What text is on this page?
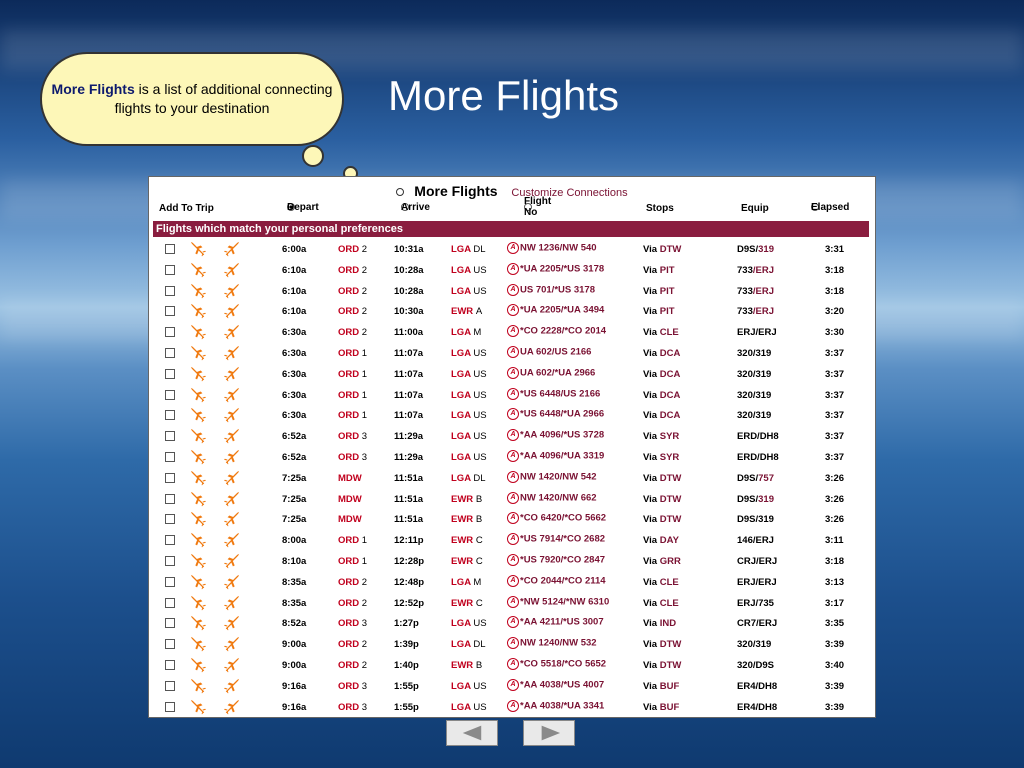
More Flights is a list of additional connecting flights to your destination	More Flights
More Flights Customize Connections
Add To Trip	Depart	Arrive	Flight No	Stops	Equip	Elapsed
Flights which match your personal preferences
6:00a	ORD 2	10:31a	LGA DL	A NW 1236/NW 540	Via DTW	D9S/319	3:31
6:10a	ORD 2	10:28a	LGA US	A *UA 2205/*US 3178	Via PIT	733/ERJ	3:18
6:10a	ORD 2	10:28a	LGA US	A US 701/*US 3178	Via PIT	733/ERJ	3:18
6:10a	ORD 2	10:30a	EWR A	A *UA 2205/*UA 3494	Via PIT	733/ERJ	3:20
6:30a	ORD 2	11:00a	LGA M	A *CO 2228/*CO 2014	Via CLE	ERJ/ERJ	3:30
6:30a	ORD 1	11:07a	LGA US	A UA 602/US 2166	Via DCA	320/319	3:37
6:30a	ORD 1	11:07a	LGA US	A UA 602/*UA 2966	Via DCA	320/319	3:37
6:30a	ORD 1	11:07a	LGA US	A *US 6448/US 2166	Via DCA	320/319	3:37
6:30a	ORD 1	11:07a	LGA US	A *US 6448/*UA 2966	Via DCA	320/319	3:37
6:52a	ORD 3	11:29a	LGA US	A *AA 4096/*US 3728	Via SYR	ERD/DH8	3:37
6:52a	ORD 3	11:29a	LGA US	A *AA 4096/*UA 3319	Via SYR	ERD/DH8	3:37
7:25a	MDW	11:51a	LGA DL	A NW 1420/NW 542	Via DTW	D9S/757	3:26
7:25a	MDW	11:51a	EWR B	A NW 1420/NW 662	Via DTW	D9S/319	3:26
7:25a	MDW	11:51a	EWR B	A *CO 6420/*CO 5662	Via DTW	D9S/319	3:26
8:00a	ORD 1	12:11p	EWR C	A *US 7914/*CO 2682	Via DAY	146/ERJ	3:11
8:10a	ORD 1	12:28p	EWR C	A *US 7920/*CO 2847	Via GRR	CRJ/ERJ	3:18
8:35a	ORD 2	12:48p	LGA M	A *CO 2044/*CO 2114	Via CLE	ERJ/ERJ	3:13
8:35a	ORD 2	12:52p	EWR C	A *NW 5124/*NW 6310	Via CLE	ERJ/735	3:17
8:52a	ORD 3	1:27p	LGA US	A *AA 4211/*US 3007	Via IND	CR7/ERJ	3:35
9:00a	ORD 2	1:39p	LGA DL	A NW 1240/NW 532	Via DTW	320/319	3:39
9:00a	ORD 2	1:40p	EWR B	A *CO 5518/*CO 5652	Via DTW	320/D9S	3:40
9:16a	ORD 3	1:55p	LGA US	A *AA 4038/*US 4007	Via BUF	ER4/DH8	3:39
9:16a	ORD 3	1:55p	LGA US	A *AA 4038/*UA 3341	Via BUF	ER4/DH8	3:39
